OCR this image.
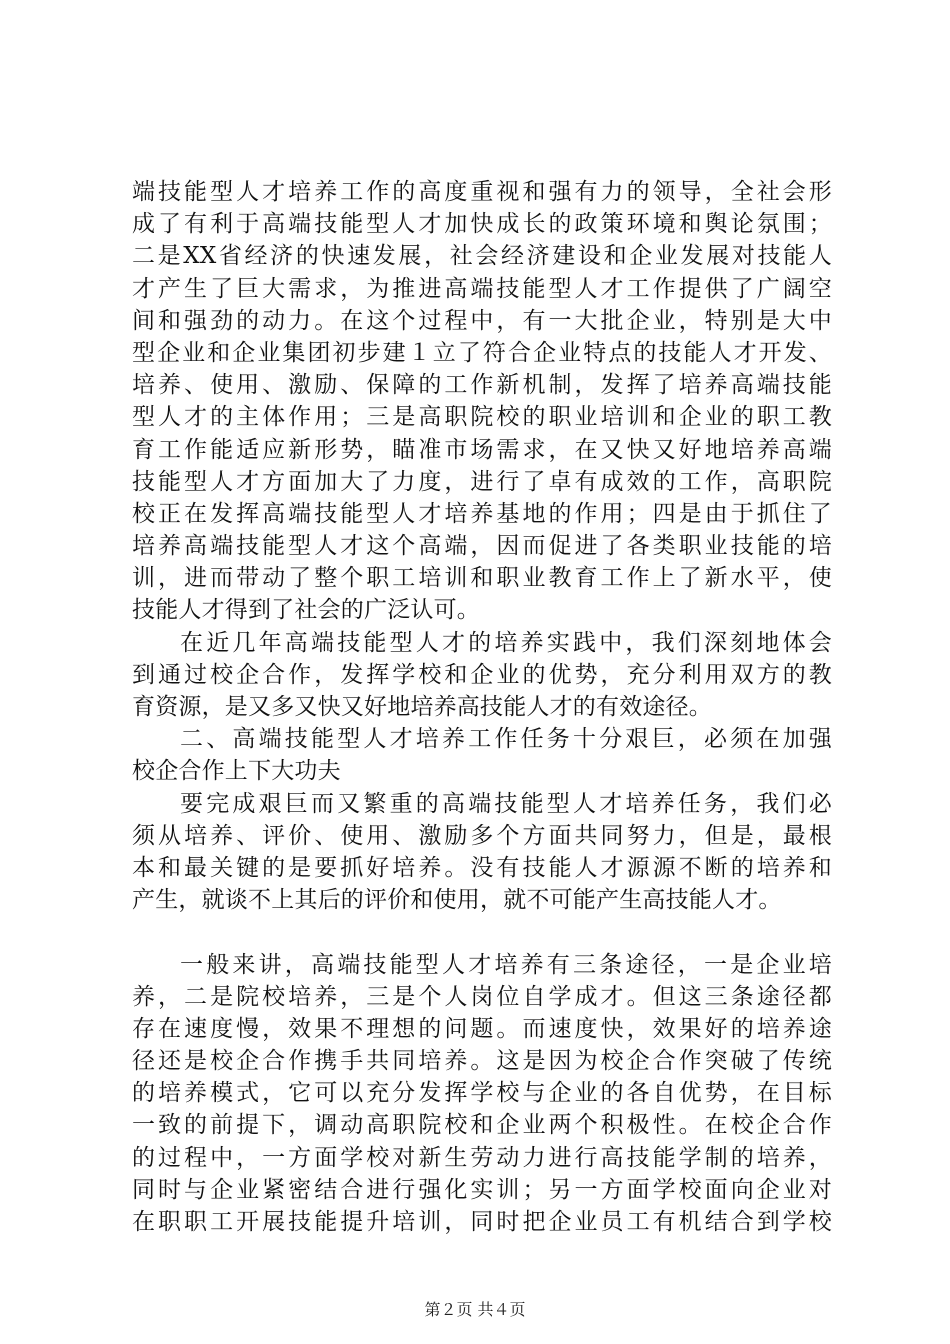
端技能型人才培养工作的高度重视和强有力的领导，全社会形
成了有利于高端技能型人才加快成长的政策环境和舆论氛围；
二是XX省经济的快速发展，社会经济建设和企业发展对技能人
才产生了巨大需求，为推进高端技能型人才工作提供了广阔空
间和强劲的动力。在这个过程中，有一大批企业，特别是大中
型企业和企业集团初步建１立了符合企业特点的技能人才开发、
培养、使用、激励、保障的工作新机制，发挥了培养高端技能
型人才的主体作用；三是高职院校的职业培训和企业的职工教
育工作能适应新形势，瞄准市场需求，在又快又好地培养高端
技能型人才方面加大了力度，进行了卓有成效的工作，高职院
校正在发挥高端技能型人才培养基地的作用；四是由于抓住了
培养高端技能型人才这个高端，因而促进了各类职业技能的培
训，进而带动了整个职工培训和职业教育工作上了新水平，使
技能人才得到了社会的广泛认可。
在近几年高端技能型人才的培养实践中，我们深刻地体会
到通过校企合作，发挥学校和企业的优势，充分利用双方的教
育资源，是又多又快又好地培养高技能人才的有效途径。
二、高端技能型人才培养工作任务十分艰巨，必须在加强
校企合作上下大功夫
要完成艰巨而又繁重的高端技能型人才培养任务，我们必
须从培养、评价、使用、激励多个方面共同努力，但是，最根
本和最关键的是要抓好培养。没有技能人才源源不断的培养和
产生，就谈不上其后的评价和使用，就不可能产生高技能人才。
一般来讲，高端技能型人才培养有三条途径，一是企业培
养，二是院校培养，三是个人岗位自学成才。但这三条途径都
存在速度慢，效果不理想的问题。而速度快，效果好的培养途
径还是校企合作携手共同培养。这是因为校企合作突破了传统
的培养模式，它可以充分发挥学校与企业的各自优势，在目标
一致的前提下，调动高职院校和企业两个积极性。在校企合作
的过程中，一方面学校对新生劳动力进行高技能学制的培养，
同时与企业紧密结合进行强化实训；另一方面学校面向企业对
在职职工开展技能提升培训，同时把企业员工有机结合到学校
第２页 共４页
